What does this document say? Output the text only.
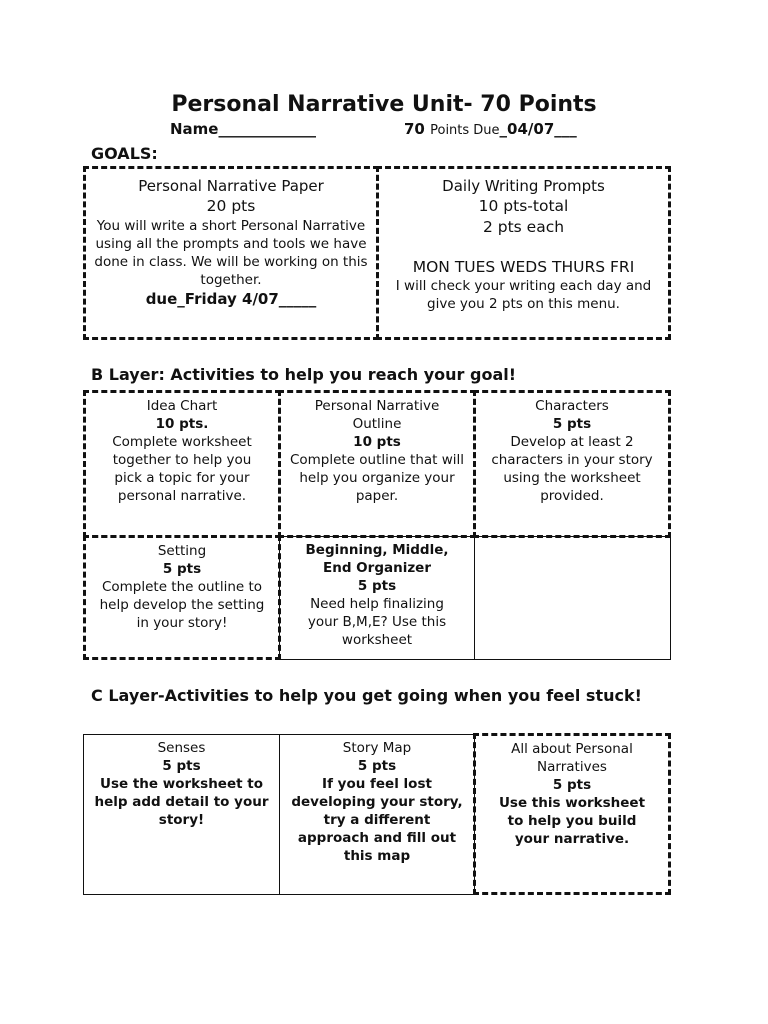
Personal Narrative Unit- 70 Points
Name_____________	70 Points Due_04/07___
GOALS:
Personal Narrative Paper
20 pts
You will write a short Personal Narrative using all the prompts and tools we have done in class. We will be working on this together.
due_Friday 4/07_____
Daily Writing Prompts
10 pts-total
2 pts each
MON TUES WEDS THURS FRI
I will check your writing each day and give you 2 pts on this menu.
B Layer: Activities to help you reach your goal!
Idea Chart
10 pts.
Complete worksheet together to help you pick a topic for your personal narrative.
Personal Narrative Outline
10 pts
Complete outline that will help you organize your paper.
Characters
5 pts
Develop at least 2 characters in your story using the worksheet provided.
Setting
5 pts
Complete the outline to help develop the setting in your story!
Beginning, Middle, End Organizer
5 pts
Need help finalizing your B,M,E? Use this worksheet
C Layer-Activities to help you get going when you feel stuck!
Senses
5 pts
Use the worksheet to help add detail to your story!
Story Map
5 pts
If you feel lost developing your story, try a different approach and fill out this map
All about Personal Narratives
5 pts
Use this worksheet to help you build your narrative.
